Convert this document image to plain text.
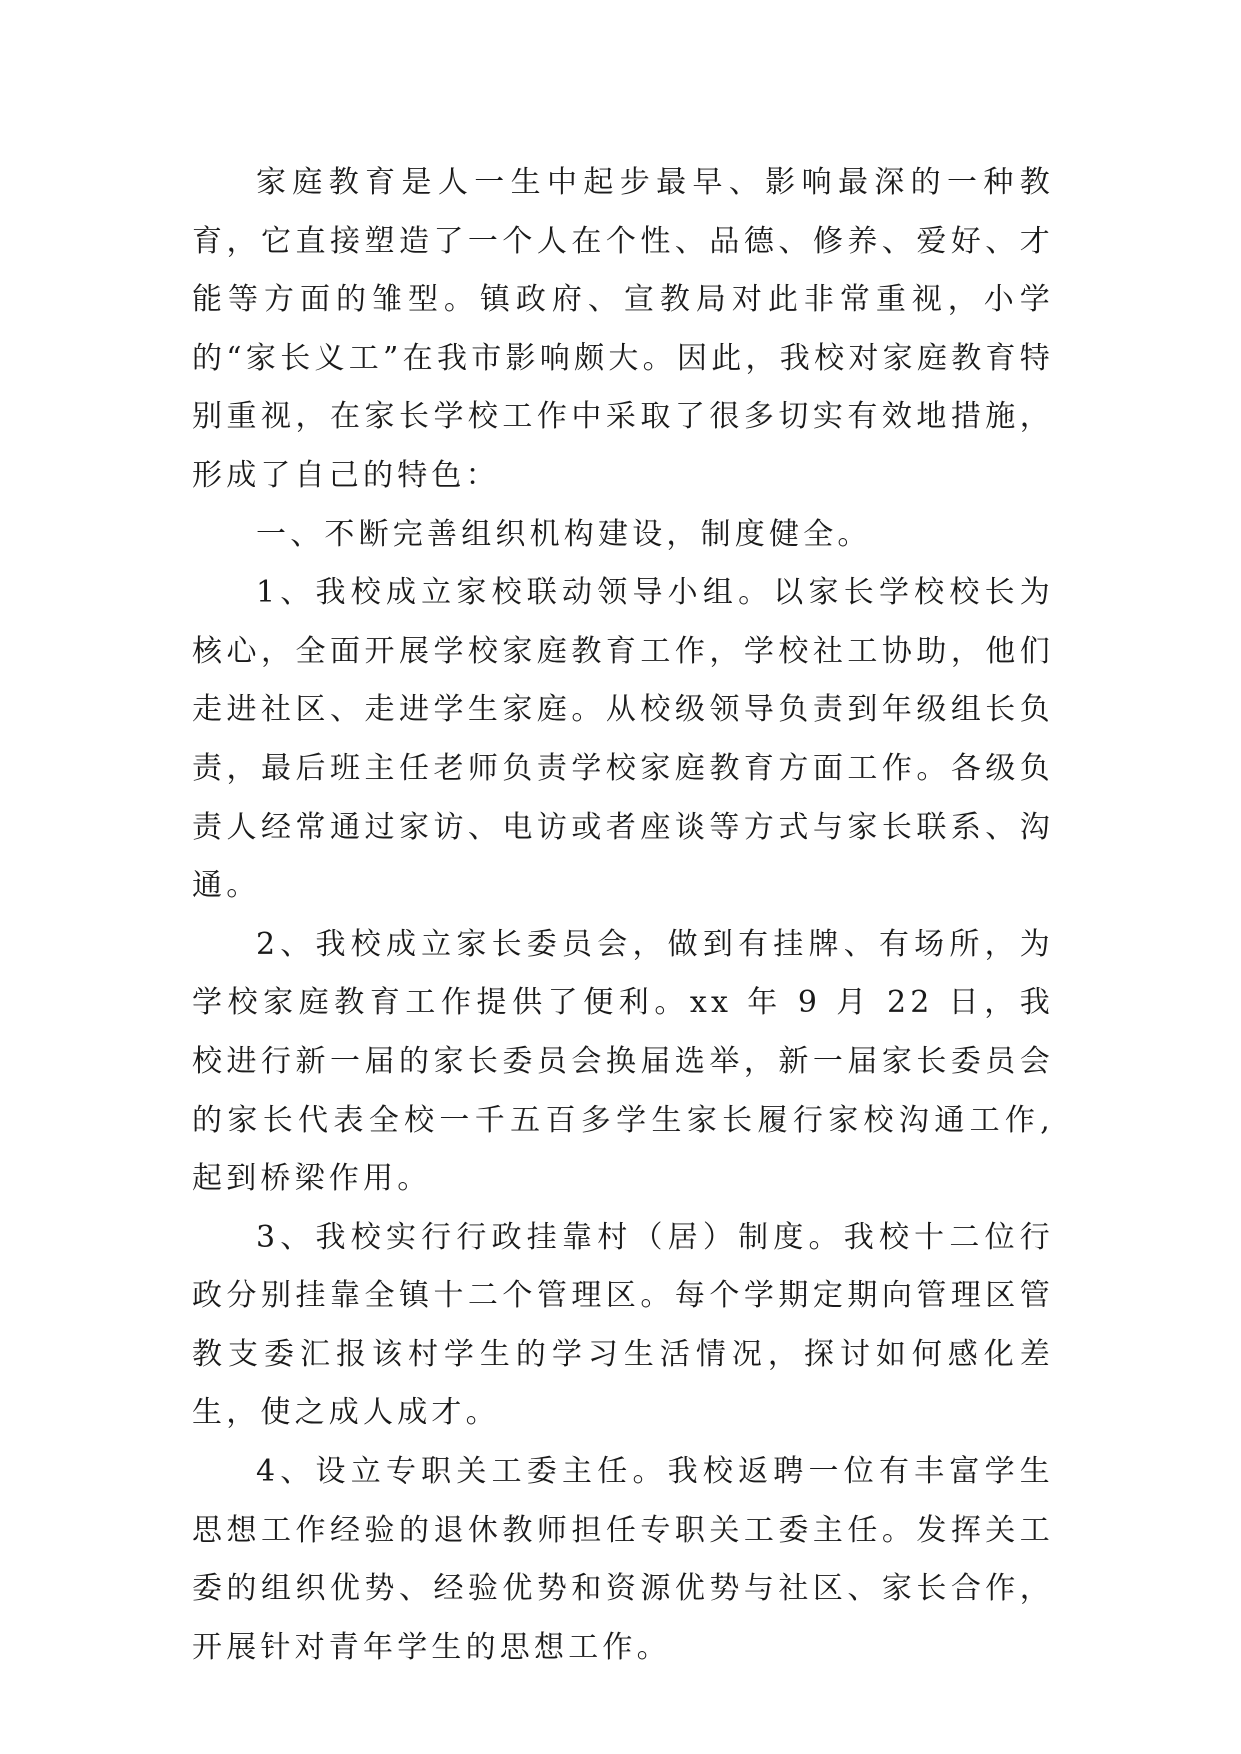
家庭教育是人一生中起步最早、影响最深的一种教育，它直接塑造了一个人在个性、品德、修养、爱好、才能等方面的雏型。镇政府、宣教局对此非常重视，小学的“家长义工”在我市影响颇大。因此，我校对家庭教育特别重视，在家长学校工作中采取了很多切实有效地措施，形成了自己的特色：

一、不断完善组织机构建设，制度健全。

1、我校成立家校联动领导小组。以家长学校校长为核心，全面开展学校家庭教育工作，学校社工协助，他们走进社区、走进学生家庭。从校级领导负责到年级组长负责，最后班主任老师负责学校家庭教育方面工作。各级负责人经常通过家访、电访或者座谈等方式与家长联系、沟通。

2、我校成立家长委员会，做到有挂牌、有场所，为学校家庭教育工作提供了便利。xx 年 9 月 22 日，我校进行新一届的家长委员会换届选举，新一届家长委员会的家长代表全校一千五百多学生家长履行家校沟通工作,起到桥梁作用。

3、我校实行行政挂靠村（居）制度。我校十二位行政分别挂靠全镇十二个管理区。每个学期定期向管理区管教支委汇报该村学生的学习生活情况，探讨如何感化差生，使之成人成才。

4、设立专职关工委主任。我校返聘一位有丰富学生思想工作经验的退休教师担任专职关工委主任。发挥关工委的组织优势、经验优势和资源优势与社区、家长合作，开展针对青年学生的思想工作。
